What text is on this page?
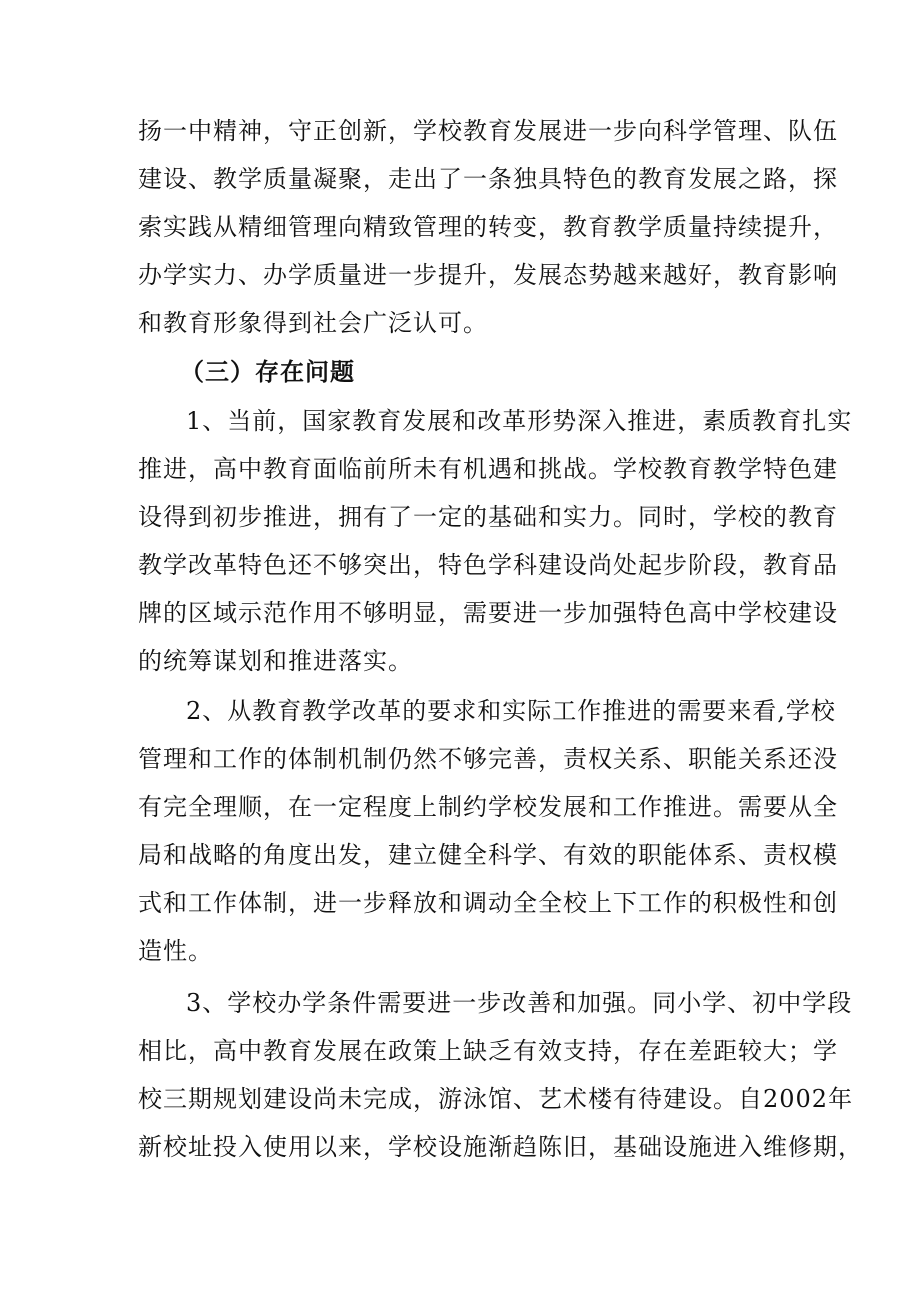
扬一中精神，守正创新，学校教育发展进一步向科学管理、队伍
建设、教学质量凝聚，走出了一条独具特色的教育发展之路，探
索实践从精细管理向精致管理的转变，教育教学质量持续提升，
办学实力、办学质量进一步提升，发展态势越来越好，教育影响
和教育形象得到社会广泛认可。
（三）存在问题
1、当前，国家教育发展和改革形势深入推进，素质教育扎实
推进，高中教育面临前所未有机遇和挑战。学校教育教学特色建
设得到初步推进，拥有了一定的基础和实力。同时，学校的教育
教学改革特色还不够突出，特色学科建设尚处起步阶段，教育品
牌的区域示范作用不够明显，需要进一步加强特色高中学校建设
的统筹谋划和推进落实。
2、从教育教学改革的要求和实际工作推进的需要来看,学校
管理和工作的体制机制仍然不够完善，责权关系、职能关系还没
有完全理顺，在一定程度上制约学校发展和工作推进。需要从全
局和战略的角度出发，建立健全科学、有效的职能体系、责权模
式和工作体制，进一步释放和调动全全校上下工作的积极性和创
造性。
3、学校办学条件需要进一步改善和加强。同小学、初中学段
相比，高中教育发展在政策上缺乏有效支持，存在差距较大；学
校三期规划建设尚未完成，游泳馆、艺术楼有待建设。自2002年
新校址投入使用以来，学校设施渐趋陈旧，基础设施进入维修期，
